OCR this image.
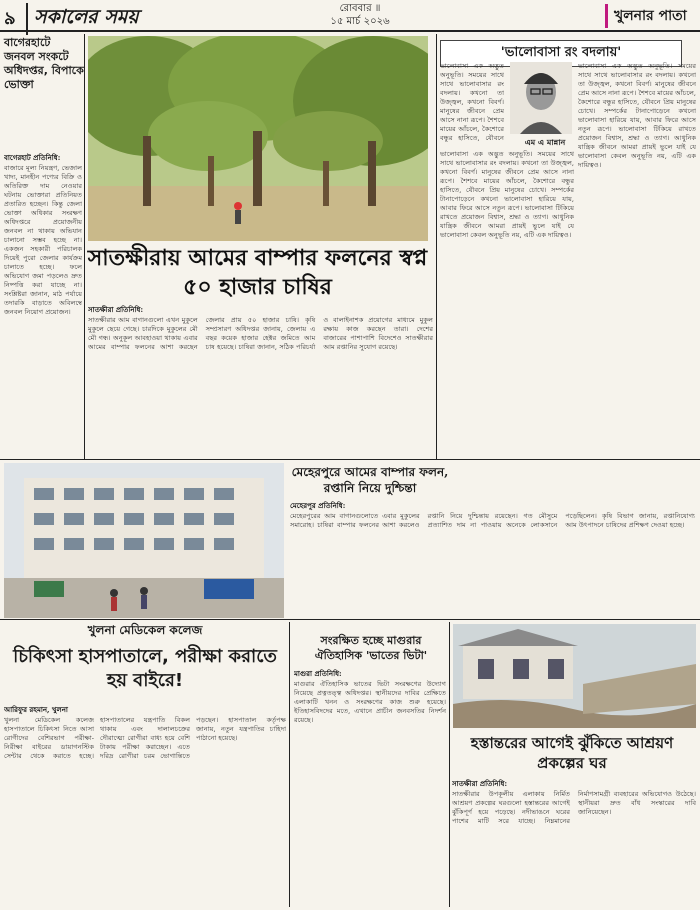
৯ সকালের সময়	রোববার ॥
১৫ মার্চ ২০২৬	খুলনার পাতা
বাগেরহাটে জনবল সংকটে অধিদপ্তর, বিপাকে ভোক্তা
বাগেরহাট প্রতিনিধি:
বাজারে মূল্য নিয়ন্ত্রণ, ভেজাল খাদ্য, মানহীন পণ্যের বিক্রি ও অতিরিক্ত দাম নেওয়ার ঘটনায় ভোক্তারা প্রতিনিয়ত প্রতারিত হচ্ছেন। কিন্তু জেলা ভোক্তা অধিকার সংরক্ষণ অধিদপ্তরে প্রয়োজনীয় জনবল না থাকায় অভিযান চালানো সম্ভব হচ্ছে না। একজন সহকারী পরিচালক দিয়েই পুরো জেলার কার্যক্রম চালাতে হচ্ছে। ফলে অভিযোগ জমা পড়লেও দ্রুত নিষ্পত্তি করা যাচ্ছে না। সংশ্লিষ্টরা জানান, মাঠ পর্যায়ে তদারকি বাড়াতে অবিলম্বে জনবল নিয়োগ প্রয়োজন।
সাতক্ষীরায় আমের বাম্পার ফলনের স্বপ্ন ৫০ হাজার চাষির
সাতক্ষীরা প্রতিনিধি:
সাতক্ষীরার আম বাগানগুলো এখন মুকুলে মুকুলে ছেয়ে গেছে। চারদিকে মুকুলের মৌ মৌ গন্ধ। অনুকূল আবহাওয়া থাকায় এবার আমের বাম্পার ফলনের আশা করছেন জেলার প্রায় ৫০ হাজার চাষি। কৃষি সম্প্রসারণ অধিদপ্তর জানায়, জেলায় এ বছর কয়েক হাজার হেক্টর জমিতে আম চাষ হয়েছে। চাষিরা জানান, সঠিক পরিচর্যা ও বালাইনাশক প্রয়োগের মাধ্যমে মুকুল রক্ষায় কাজ করছেন তারা। দেশের বাজারের পাশাপাশি বিদেশেও সাতক্ষীরার আম রপ্তানির সুযোগ রয়েছে।
'ভালোবাসা রং বদলায়'
এম এ মান্নান
ভালোবাসা এক অদ্ভুত অনুভূতি। সময়ের সাথে সাথে ভালোবাসার রং বদলায়। কখনো তা উজ্জ্বল, কখনো বিবর্ণ। মানুষের জীবনে প্রেম আসে নানা রূপে। শৈশবে মায়ের আঁচলে, কৈশোরে বন্ধুর হাসিতে, যৌবনে
ভালোবাসা এক অদ্ভুত অনুভূতি। সময়ের সাথে সাথে ভালোবাসার রং বদলায়। কখনো তা উজ্জ্বল, কখনো বিবর্ণ। মানুষের জীবনে প্রেম আসে নানা রূপে। শৈশবে মায়ের আঁচলে, কৈশোরে বন্ধুর হাসিতে, যৌবনে প্রিয় মানুষের চোখে। সম্পর্কের টানাপোড়েনে কখনো ভালোবাসা হারিয়ে যায়, আবার ফিরে আসে নতুন রূপে। ভালোবাসা টিকিয়ে রাখতে প্রয়োজন বিশ্বাস, শ্রদ্ধা ও ত্যাগ। আধুনিক যান্ত্রিক জীবনে আমরা প্রায়ই ভুলে যাই যে ভালোবাসা কেবল অনুভূতি নয়, এটি এক দায়িত্বও।
ভালোবাসা এক অদ্ভুত অনুভূতি। সময়ের সাথে সাথে ভালোবাসার রং বদলায়। কখনো তা উজ্জ্বল, কখনো বিবর্ণ। মানুষের জীবনে প্রেম আসে নানা রূপে। শৈশবে মায়ের আঁচলে, কৈশোরে বন্ধুর হাসিতে, যৌবনে প্রিয় মানুষের চোখে। সম্পর্কের টানাপোড়েনে কখনো ভালোবাসা হারিয়ে যায়, আবার ফিরে আসে নতুন রূপে। ভালোবাসা টিকিয়ে রাখতে প্রয়োজন বিশ্বাস, শ্রদ্ধা ও ত্যাগ। আধুনিক যান্ত্রিক জীবনে আমরা প্রায়ই ভুলে যাই যে ভালোবাসা কেবল অনুভূতি নয়, এটি এক দায়িত্বও।
মেহেরপুরে আমের বাম্পার ফলন, রপ্তানি নিয়ে দুশ্চিন্তা
মেহেরপুর প্রতিনিধি:
মেহেরপুরের আম বাগানগুলোতে এবার মুকুলের সমারোহ। চাষিরা বাম্পার ফলনের আশা করলেও রপ্তানি নিয়ে দুশ্চিন্তায় রয়েছেন। গত মৌসুমে প্রত্যাশিত দাম না পাওয়ায় অনেকে লোকসানে পড়েছিলেন। কৃষি বিভাগ জানায়, রপ্তানিযোগ্য আম উৎপাদনে চাষিদের প্রশিক্ষণ দেওয়া হচ্ছে।
খুলনা মেডিকেল কলেজ
চিকিৎসা হাসপাতালে, পরীক্ষা করাতে হয় বাইরে!
আরিফুর রহমান, খুলনা
খুলনা মেডিকেল কলেজ হাসপাতালে চিকিৎসা নিতে আসা রোগীদের বেশিরভাগ পরীক্ষা-নিরীক্ষা বাইরের ডায়াগনস্টিক সেন্টার থেকে করাতে হচ্ছে। হাসপাতালের যন্ত্রপাতি বিকল থাকায় এবং দালালচক্রের দৌরাত্ম্যে রোগীরা বাধ্য হয়ে বেশি টাকায় পরীক্ষা করাচ্ছেন। এতে দরিদ্র রোগীরা চরম ভোগান্তিতে পড়ছেন। হাসপাতাল কর্তৃপক্ষ জানায়, নতুন যন্ত্রপাতির চাহিদা পাঠানো হয়েছে।
সংরক্ষিত হচ্ছে মাগুরার ঐতিহাসিক 'ভাতের ভিটা'
মাগুরা প্রতিনিধি:
মাগুরার ঐতিহাসিক ভাতের ভিটা সংরক্ষণের উদ্যোগ নিয়েছে প্রত্নতত্ত্ব অধিদপ্তর। স্থানীয়দের দাবির প্রেক্ষিতে এলাকাটি খনন ও সংরক্ষণের কাজ শুরু হয়েছে। ইতিহাসবিদদের মতে, এখানে প্রাচীন জনবসতির নিদর্শন রয়েছে।
হস্তান্তরের আগেই ঝুঁকিতে আশ্রয়ণ প্রকল্পের ঘর
সাতক্ষীরা প্রতিনিধি:
সাতক্ষীরার উপকূলীয় এলাকায় নির্মিত আশ্রয়ণ প্রকল্পের ঘরগুলো হস্তান্তরের আগেই ঝুঁকিপূর্ণ হয়ে পড়েছে। নদীভাঙনে ঘরের পাশের মাটি সরে যাচ্ছে। নিম্নমানের নির্মাণসামগ্রী ব্যবহারের অভিযোগও উঠেছে। স্থানীয়রা দ্রুত বাঁধ সংস্কারের দাবি জানিয়েছেন।
